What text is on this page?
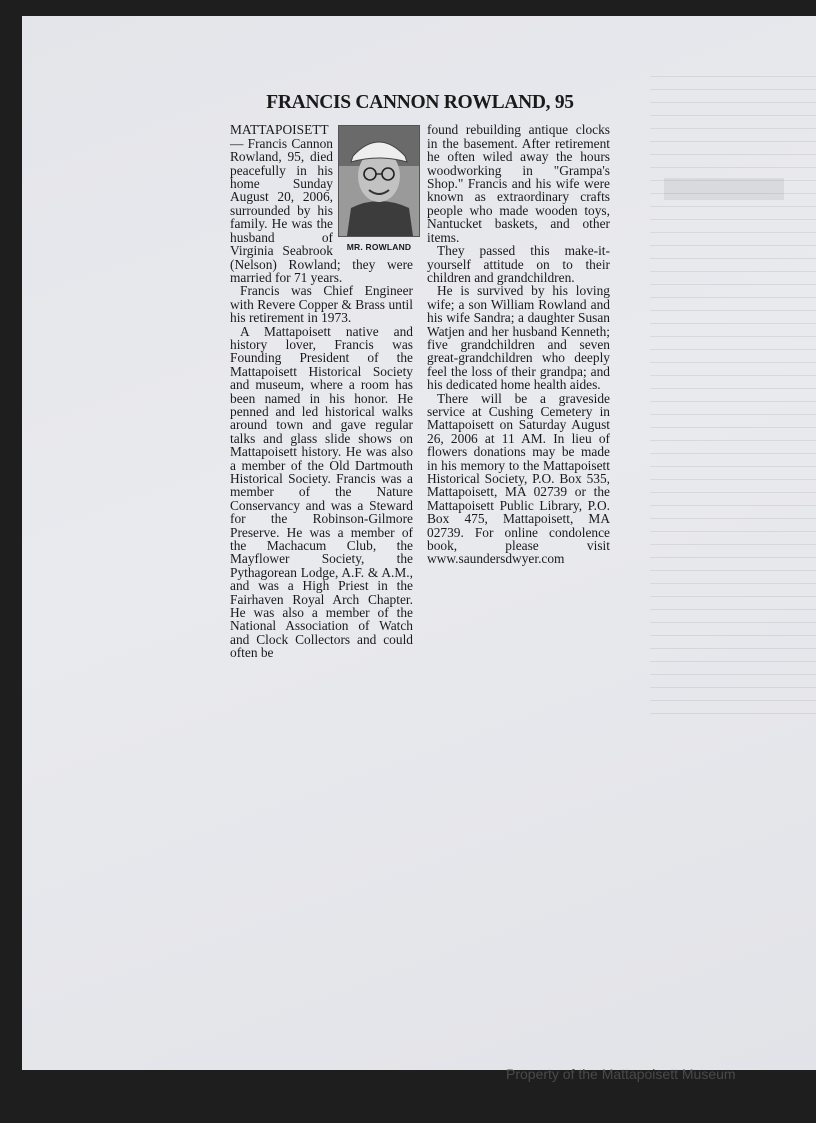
FRANCIS CANNON ROWLAND, 95
MR. ROWLAND

MATTAPOISETT — Francis Cannon Rowland, 95, died peacefully in his home Sunday August 20, 2006, surrounded by his family. He was the husband of Virginia Seabrook (Nelson) Rowland; they were married for 71 years.

Francis was Chief Engineer with Revere Copper & Brass until his retirement in 1973.

A Mattapoisett native and history lover, Francis was Founding President of the Mattapoisett Historical Society and museum, where a room has been named in his honor. He penned and led historical walks around town and gave regular talks and glass slide shows on Mattapoisett history. He was also a member of the Old Dartmouth Historical Society. Francis was a member of the Nature Conservancy and was a Steward for the Robinson-Gilmore Preserve. He was a member of the Machacum Club, the Mayflower Society, the Pythagorean Lodge, A.F. & A.M., and was a High Priest in the Fairhaven Royal Arch Chapter. He was also a member of the National Association of Watch and Clock Collectors and could often be

found rebuilding antique clocks in the basement. After retirement he often wiled away the hours woodworking in "Grampa's Shop." Francis and his wife were known as extraordinary crafts people who made wooden toys, Nantucket baskets, and other items.

They passed this make-it-yourself attitude on to their children and grandchildren.

He is survived by his loving wife; a son William Rowland and his wife Sandra; a daughter Susan Watjen and her husband Kenneth; five grandchildren and seven great-grandchildren who deeply feel the loss of their grandpa; and his dedicated home health aides.

There will be a graveside service at Cushing Cemetery in Mattapoisett on Saturday August 26, 2006 at 11 AM. In lieu of flowers donations may be made in his memory to the Mattapoisett Historical Society, P.O. Box 535, Mattapoisett, MA 02739 or the Mattapoisett Public Library, P.O. Box 475, Mattapoisett, MA 02739. For online condolence book, please visit www.saundersdwyer.com

Property of the Mattapoisett Museum
